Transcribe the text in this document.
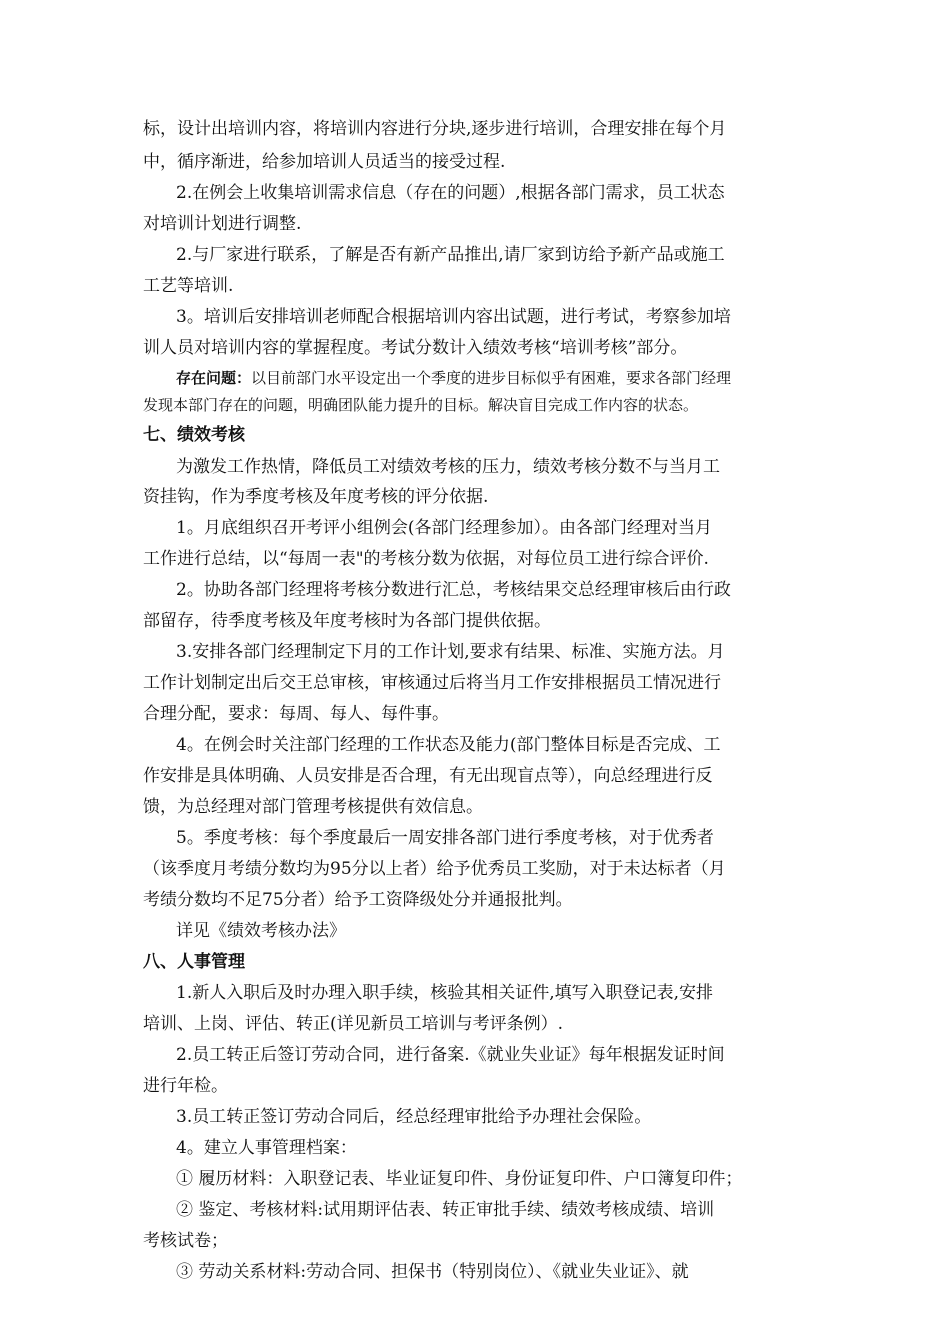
标，设计出培训内容，将培训内容进行分块,逐步进行培训，合理安排在每个月
中，循序渐进，给参加培训人员适当的接受过程.
2.在例会上收集培训需求信息（存在的问题）,根据各部门需求，员工状态
对培训计划进行调整.
2.与厂家进行联系，了解是否有新产品推出,请厂家到访给予新产品或施工
工艺等培训.
3。培训后安排培训老师配合根据培训内容出试题，进行考试，考察参加培
训人员对培训内容的掌握程度。考试分数计入绩效考核“培训考核”部分。
存在问题：以目前部门水平设定出一个季度的进步目标似乎有困难，要求各部门经理
发现本部门存在的问题，明确团队能力提升的目标。解决盲目完成工作内容的状态。
七、绩效考核
为激发工作热情，降低员工对绩效考核的压力，绩效考核分数不与当月工
资挂钩，作为季度考核及年度考核的评分依据.
1。月底组织召开考评小组例会(各部门经理参加）。由各部门经理对当月
工作进行总结，以“每周一表"的考核分数为依据，对每位员工进行综合评价.
2。协助各部门经理将考核分数进行汇总，考核结果交总经理审核后由行政
部留存，待季度考核及年度考核时为各部门提供依据。
3.安排各部门经理制定下月的工作计划,要求有结果、标准、实施方法。月
工作计划制定出后交王总审核，审核通过后将当月工作安排根据员工情况进行
合理分配，要求：每周、每人、每件事。
4。在例会时关注部门经理的工作状态及能力(部门整体目标是否完成、工
作安排是具体明确、人员安排是否合理，有无出现盲点等），向总经理进行反
馈，为总经理对部门管理考核提供有效信息。
5。季度考核：每个季度最后一周安排各部门进行季度考核，对于优秀者
（该季度月考绩分数均为95分以上者）给予优秀员工奖励，对于未达标者（月
考绩分数均不足75分者）给予工资降级处分并通报批判。
详见《绩效考核办法》
八、人事管理
1.新人入职后及时办理入职手续，核验其相关证件,填写入职登记表,安排
培训、上岗、评估、转正(详见新员工培训与考评条例）.
2.员工转正后签订劳动合同，进行备案.《就业失业证》每年根据发证时间
进行年检。
3.员工转正签订劳动合同后，经总经理审批给予办理社会保险。
4。建立人事管理档案：
① 履历材料：入职登记表、毕业证复印件、身份证复印件、户口簿复印件；
② 鉴定、考核材料:试用期评估表、转正审批手续、绩效考核成绩、培训
考核试卷；
③ 劳动关系材料:劳动合同、担保书（特别岗位）、《就业失业证》、就
